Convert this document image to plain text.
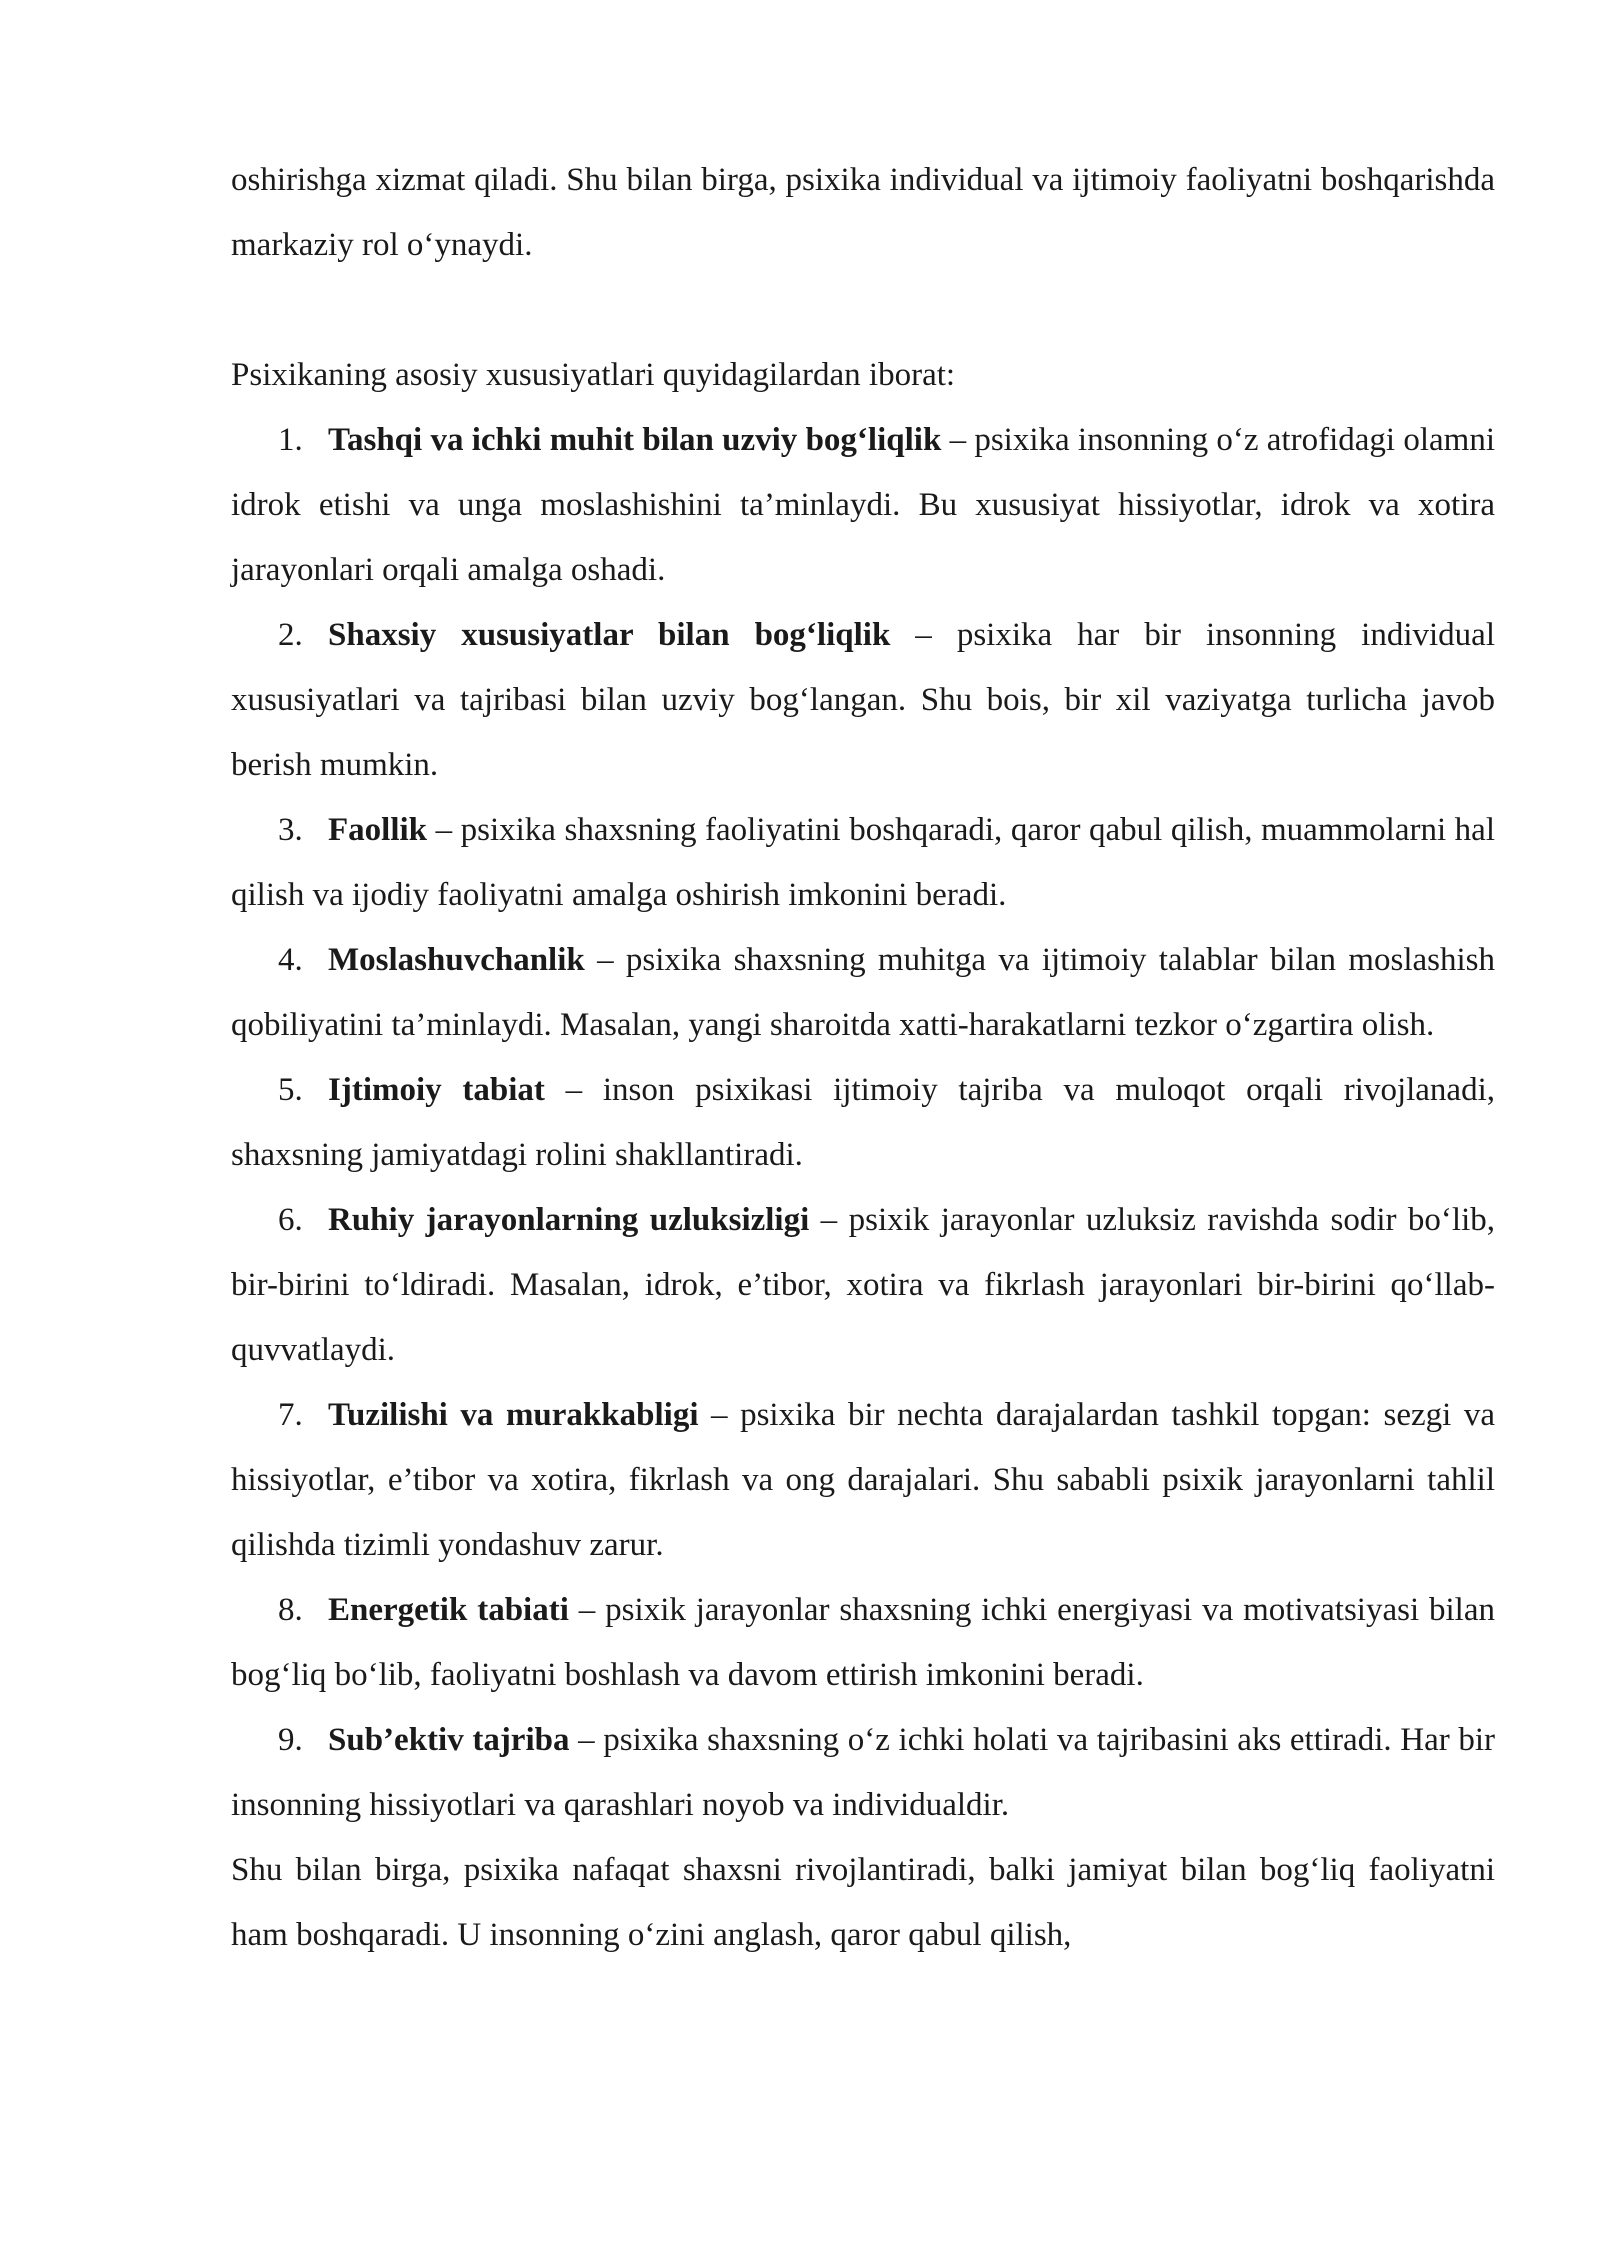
oshirishga xizmat qiladi. Shu bilan birga, psixika individual va ijtimoiy faoliyatni boshqarishda markaziy rol o‘ynaydi.

Psixikaning asosiy xususiyatlari quyidagilardan iborat:

1. Tashqi va ichki muhit bilan uzviy bog‘liqlik – psixika insonning o‘z atrofidagi olamni idrok etishi va unga moslashishini ta’minlaydi. Bu xususiyat hissiyotlar, idrok va xotira jarayonlari orqali amalga oshadi.

2. Shaxsiy xususiyatlar bilan bog‘liqlik – psixika har bir insonning individual xususiyatlari va tajribasi bilan uzviy bog‘langan. Shu bois, bir xil vaziyatga turlicha javob berish mumkin.

3. Faollik – psixika shaxsning faoliyatini boshqaradi, qaror qabul qilish, muammolarni hal qilish va ijodiy faoliyatni amalga oshirish imkonini beradi.

4. Moslashuvchanlik – psixika shaxsning muhitga va ijtimoiy talablar bilan moslashish qobiliyatini ta’minlaydi. Masalan, yangi sharoitda xatti-harakatlarni tezkor o‘zgartira olish.

5. Ijtimoiy tabiat – inson psixikasi ijtimoiy tajriba va muloqot orqali rivojlanadi, shaxsning jamiyatdagi rolini shakllantiradi.

6. Ruhiy jarayonlarning uzluksizligi – psixik jarayonlar uzluksiz ravishda sodir bo‘lib, bir-birini to‘ldiradi. Masalan, idrok, e’tibor, xotira va fikrlash jarayonlari bir-birini qo‘llab-quvvatlaydi.

7. Tuzilishi va murakkabligi – psixika bir nechta darajalardan tashkil topgan: sezgi va hissiyotlar, e’tibor va xotira, fikrlash va ong darajalari. Shu sababli psixik jarayonlarni tahlil qilishda tizimli yondashuv zarur.

8. Energetik tabiati – psixik jarayonlar shaxsning ichki energiyasi va motivatsiyasi bilan bog‘liq bo‘lib, faoliyatni boshlash va davom ettirish imkonini beradi.

9. Sub’ektiv tajriba – psixika shaxsning o‘z ichki holati va tajribasini aks ettiradi. Har bir insonning hissiyotlari va qarashlari noyob va individualdir.

Shu bilan birga, psixika nafaqat shaxsni rivojlantiradi, balki jamiyat bilan bog‘liq faoliyatni ham boshqaradi. U insonning o‘zini anglash, qaror qabul qilish,
